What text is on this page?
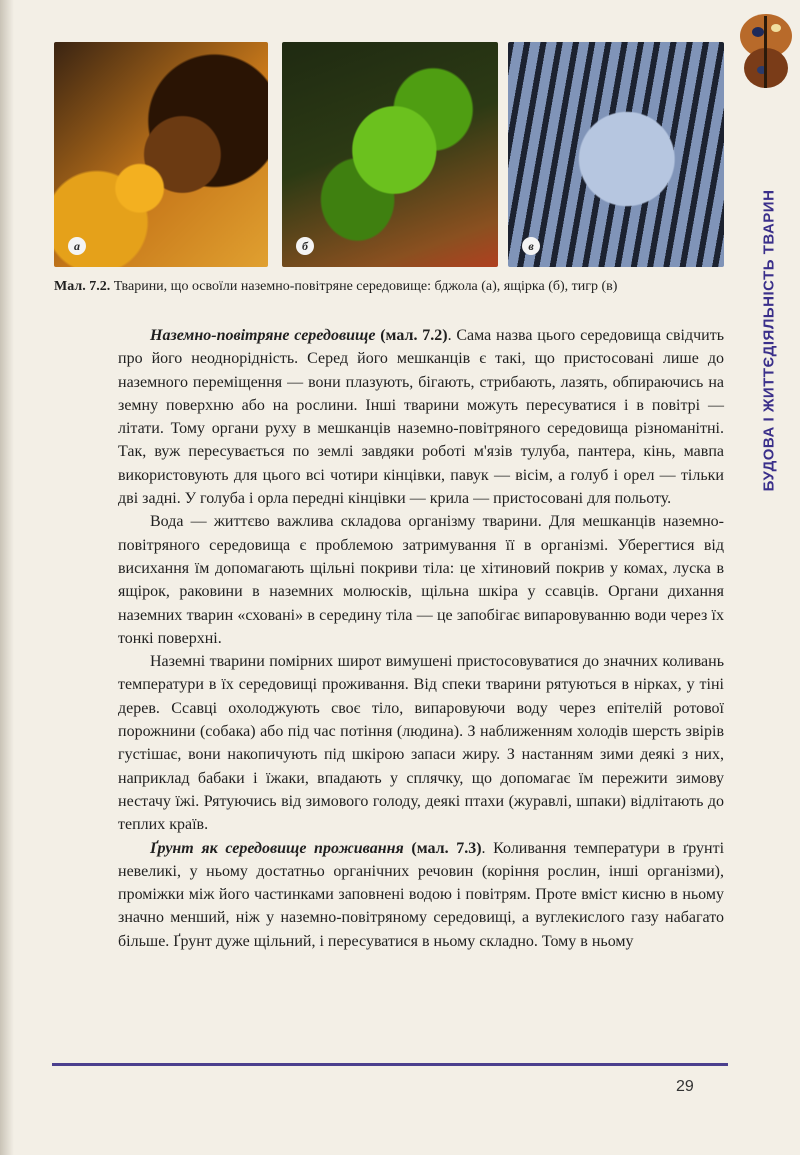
а	б	в
Мал. 7.2. Тварини, що освоїли наземно-повітряне середовище: бджола (а), ящірка (б), тигр (в)

Наземно-повітряне середовище (мал. 7.2). Сама назва цього середовища свідчить про його неоднорідність. Серед його мешканців є такі, що пристосовані лише до наземного переміщення — вони плазують, бігають, стрибають, лазять, обпираючись на земну поверхню або на рослини. Інші тварини можуть пересуватися і в повітрі — літати. Тому органи руху в мешканців наземно-повітряного середовища різноманітні. Так, вуж пересувається по землі завдяки роботі м'язів тулуба, пантера, кінь, мавпа використовують для цього всі чотири кінцівки, павук — вісім, а голуб і орел — тільки дві задні. У голуба і орла передні кінцівки — крила — пристосовані для польоту.

Вода — життєво важлива складова організму тварини. Для мешканців наземно-повітряного середовища є проблемою затримування її в організмі. Уберегтися від висихання їм допомагають щільні покриви тіла: це хітиновий покрив у комах, луска в ящірок, раковини в наземних молюсків, щільна шкіра у ссавців. Органи дихання наземних тварин «сховані» в середину тіла — це запобігає випаровуванню води через їх тонкі поверхні.

Наземні тварини помірних широт вимушені пристосовуватися до значних коливань температури в їх середовищі проживання. Від спеки тварини рятуються в нірках, у тіні дерев. Ссавці охолоджують своє тіло, випаровуючи воду через епітелій ротової порожнини (собака) або під час потіння (людина). З наближенням холодів шерсть звірів густішає, вони накопичують під шкірою запаси жиру. З настанням зими деякі з них, наприклад бабаки і їжаки, впадають у сплячку, що допомагає їм пережити зимову нестачу їжі. Рятуючись від зимового голоду, деякі птахи (журавлі, шпаки) відлітають до теплих країв.

Ґрунт як середовище проживання (мал. 7.3). Коливання температури в ґрунті невеликі, у ньому достатньо органічних речовин (коріння рослин, інші організми), проміжки між його частинками заповнені водою і повітрям. Проте вміст кисню в ньому значно менший, ніж у наземно-повітряному середовищі, а вуглекислого газу набагато більше. Ґрунт дуже щільний, і пересуватися в ньому складно. Тому в ньому

29
БУДОВА І ЖИТТЄДІЯЛЬНІСТЬ ТВАРИН
